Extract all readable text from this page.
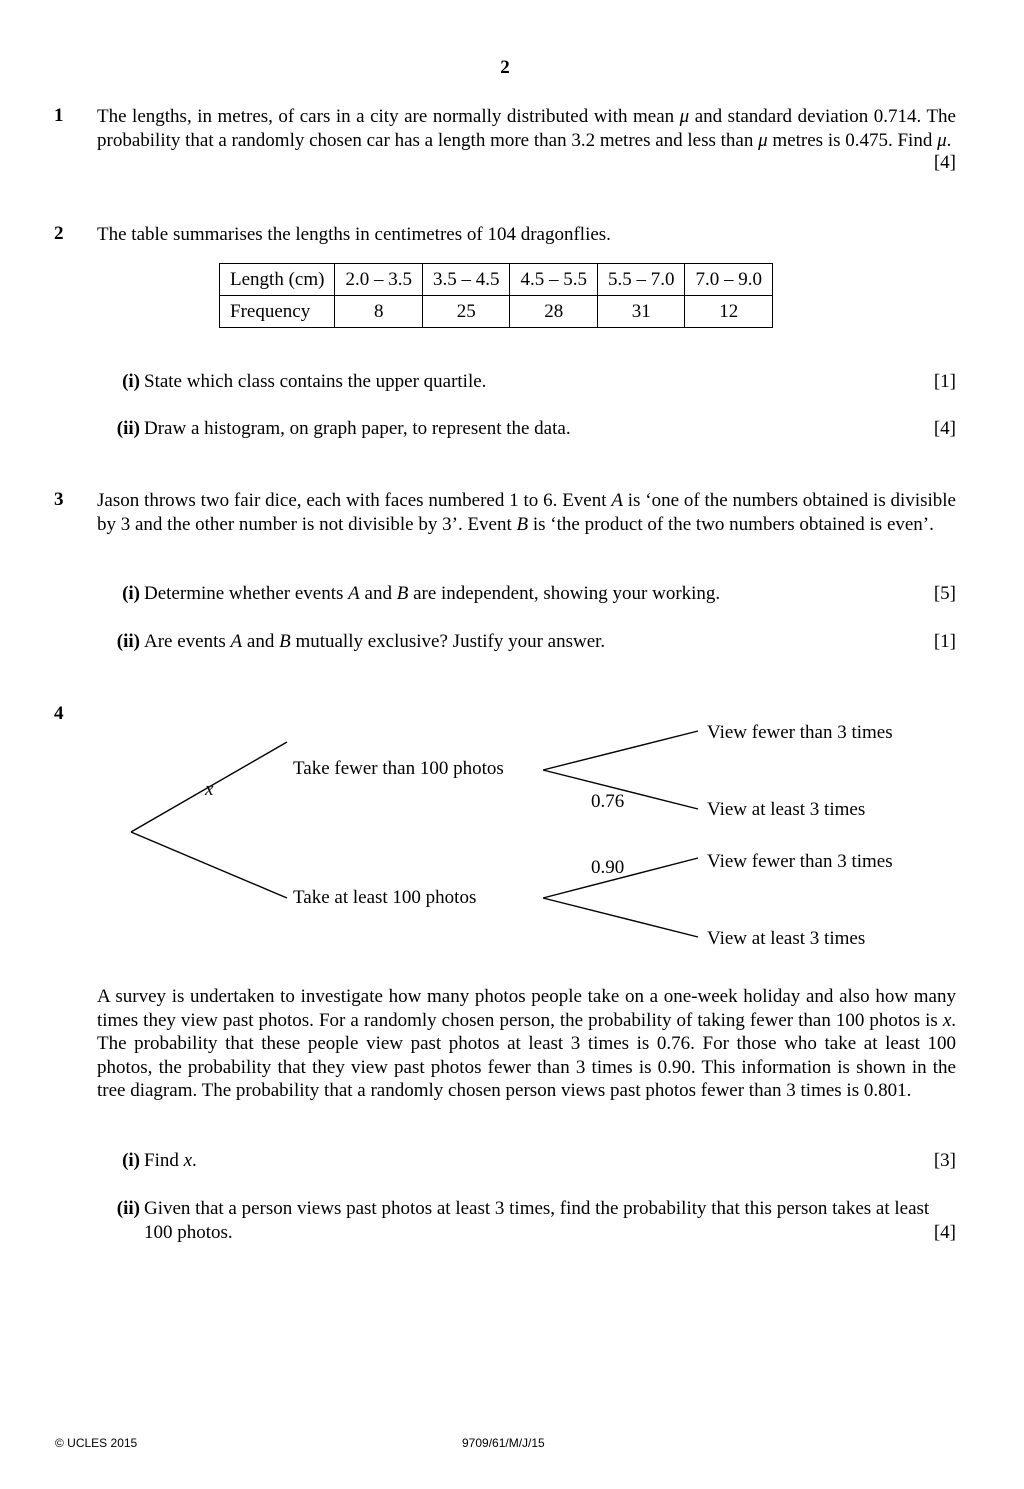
2
1 The lengths, in metres, of cars in a city are normally distributed with mean μ and standard deviation 0.714. The probability that a randomly chosen car has a length more than 3.2 metres and less than μ metres is 0.475. Find μ.
[4]
2 The table summarises the lengths in centimetres of 104 dragonflies.
Length (cm)	2.0 – 3.5	3.5 – 4.5	4.5 – 5.5	5.5 – 7.0	7.0 – 9.0
Frequency	8	25	28	31	12
(i) State which class contains the upper quartile.	[1]
(ii) Draw a histogram, on graph paper, to represent the data.	[4]
3 Jason throws two fair dice, each with faces numbered 1 to 6. Event A is ‘one of the numbers obtained is divisible by 3 and the other number is not divisible by 3’. Event B is ‘the product of the two numbers obtained is even’.
(i) Determine whether events A and B are independent, showing your working.	[5]
(ii) Are events A and B mutually exclusive? Justify your answer.	[1]
4
x
Take fewer than 100 photos
Take at least 100 photos
View fewer than 3 times
View at least 3 times
View fewer than 3 times
View at least 3 times
0.76
0.90
A survey is undertaken to investigate how many photos people take on a one-week holiday and also how many times they view past photos. For a randomly chosen person, the probability of taking fewer than 100 photos is x. The probability that these people view past photos at least 3 times is 0.76. For those who take at least 100 photos, the probability that they view past photos fewer than 3 times is 0.90. This information is shown in the tree diagram. The probability that a randomly chosen person views past photos fewer than 3 times is 0.801.
(i) Find x.	[3]
(ii) Given that a person views past photos at least 3 times, find the probability that this person takes at least 100 photos.	[4]
© UCLES 2015	9709/61/M/J/15
